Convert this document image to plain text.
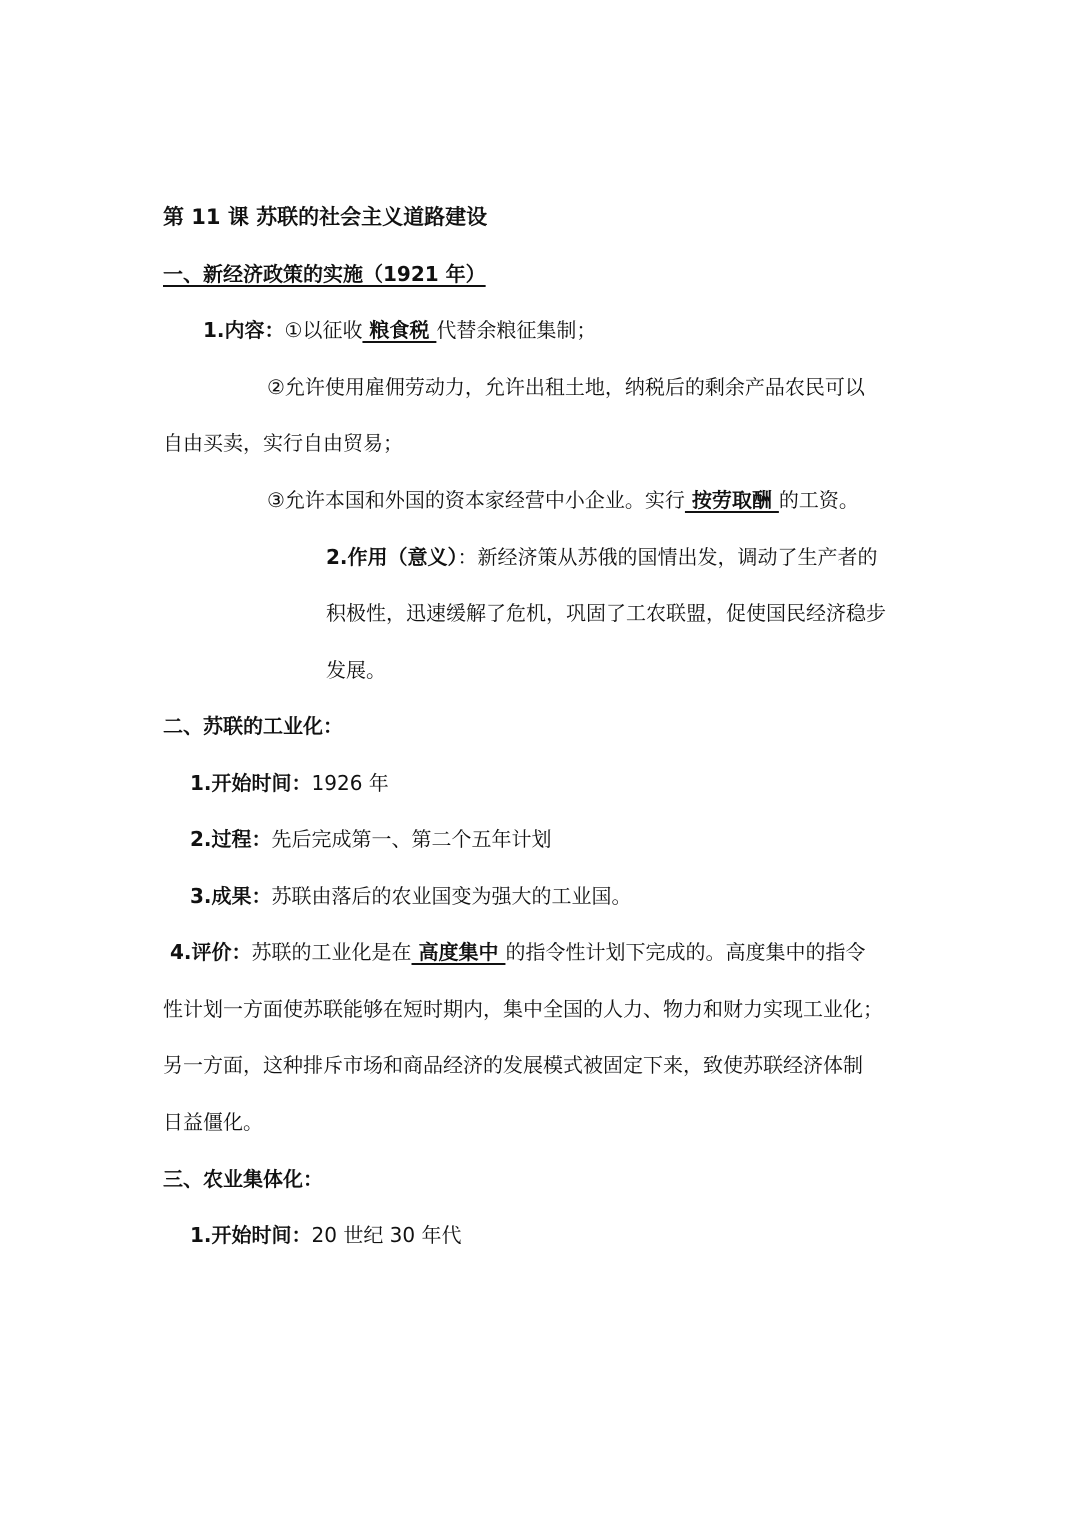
第 11 课 苏联的社会主义道路建设
一、新经济政策的实施（1921 年）
1.内容：①以征收 粮食税 代替余粮征集制；
②允许使用雇佣劳动力，允许出租土地，纳税后的剩余产品农民可以
自由买卖，实行自由贸易；
③允许本国和外国的资本家经营中小企业。实行 按劳取酬 的工资。
2.作用（意义）：新经济策从苏俄的国情出发，调动了生产者的
积极性，迅速缓解了危机，巩固了工农联盟，促使国民经济稳步
发展。
二、苏联的工业化：
1.开始时间：1926 年
2.过程：先后完成第一、第二个五年计划
3.成果：苏联由落后的农业国变为强大的工业国。
4.评价：苏联的工业化是在 高度集中 的指令性计划下完成的。高度集中的指令
性计划一方面使苏联能够在短时期内，集中全国的人力、物力和财力实现工业化；
另一方面，这种排斥市场和商品经济的发展模式被固定下来，致使苏联经济体制
日益僵化。
三、农业集体化：
1.开始时间：20 世纪 30 年代
